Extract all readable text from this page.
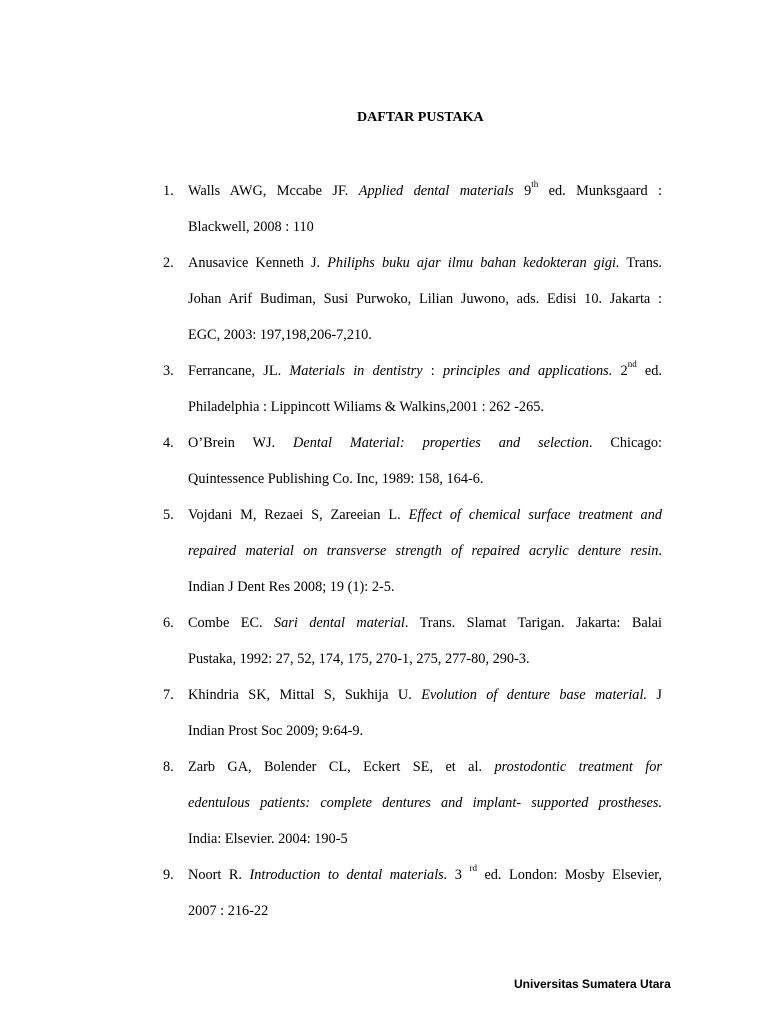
DAFTAR PUSTAKA
1. Walls AWG, Mccabe JF. Applied dental materials 9th ed. Munksgaard :
Blackwell, 2008 : 110
2. Anusavice Kenneth J. Philiphs buku ajar ilmu bahan kedokteran gigi. Trans.
Johan Arif Budiman, Susi Purwoko, Lilian Juwono, ads. Edisi 10. Jakarta :
EGC, 2003: 197,198,206-7,210.
3. Ferrancane, JL. Materials in dentistry : principles and applications. 2nd ed.
Philadelphia : Lippincott Wiliams & Walkins,2001 : 262 -265.
4. O’Brein WJ. Dental Material: properties and selection. Chicago:
Quintessence Publishing Co. Inc, 1989: 158, 164-6.
5. Vojdani M, Rezaei S, Zareeian L. Effect of chemical surface treatment and
repaired material on transverse strength of repaired acrylic denture resin.
Indian J Dent Res 2008; 19 (1): 2-5.
6. Combe EC. Sari dental material. Trans. Slamat Tarigan. Jakarta: Balai
Pustaka, 1992: 27, 52, 174, 175, 270-1, 275, 277-80, 290-3.
7. Khindria SK, Mittal S, Sukhija U. Evolution of denture base material. J
Indian Prost Soc 2009; 9:64-9.
8. Zarb GA, Bolender CL, Eckert SE, et al. prostodontic treatment for
edentulous patients: complete dentures and implant- supported prostheses.
India: Elsevier. 2004: 190-5
9. Noort R. Introduction to dental materials. 3 $^{rd}$ ed. London: Mosby Elsevier,
2007 : 216-22
Universitas Sumatera Utara
